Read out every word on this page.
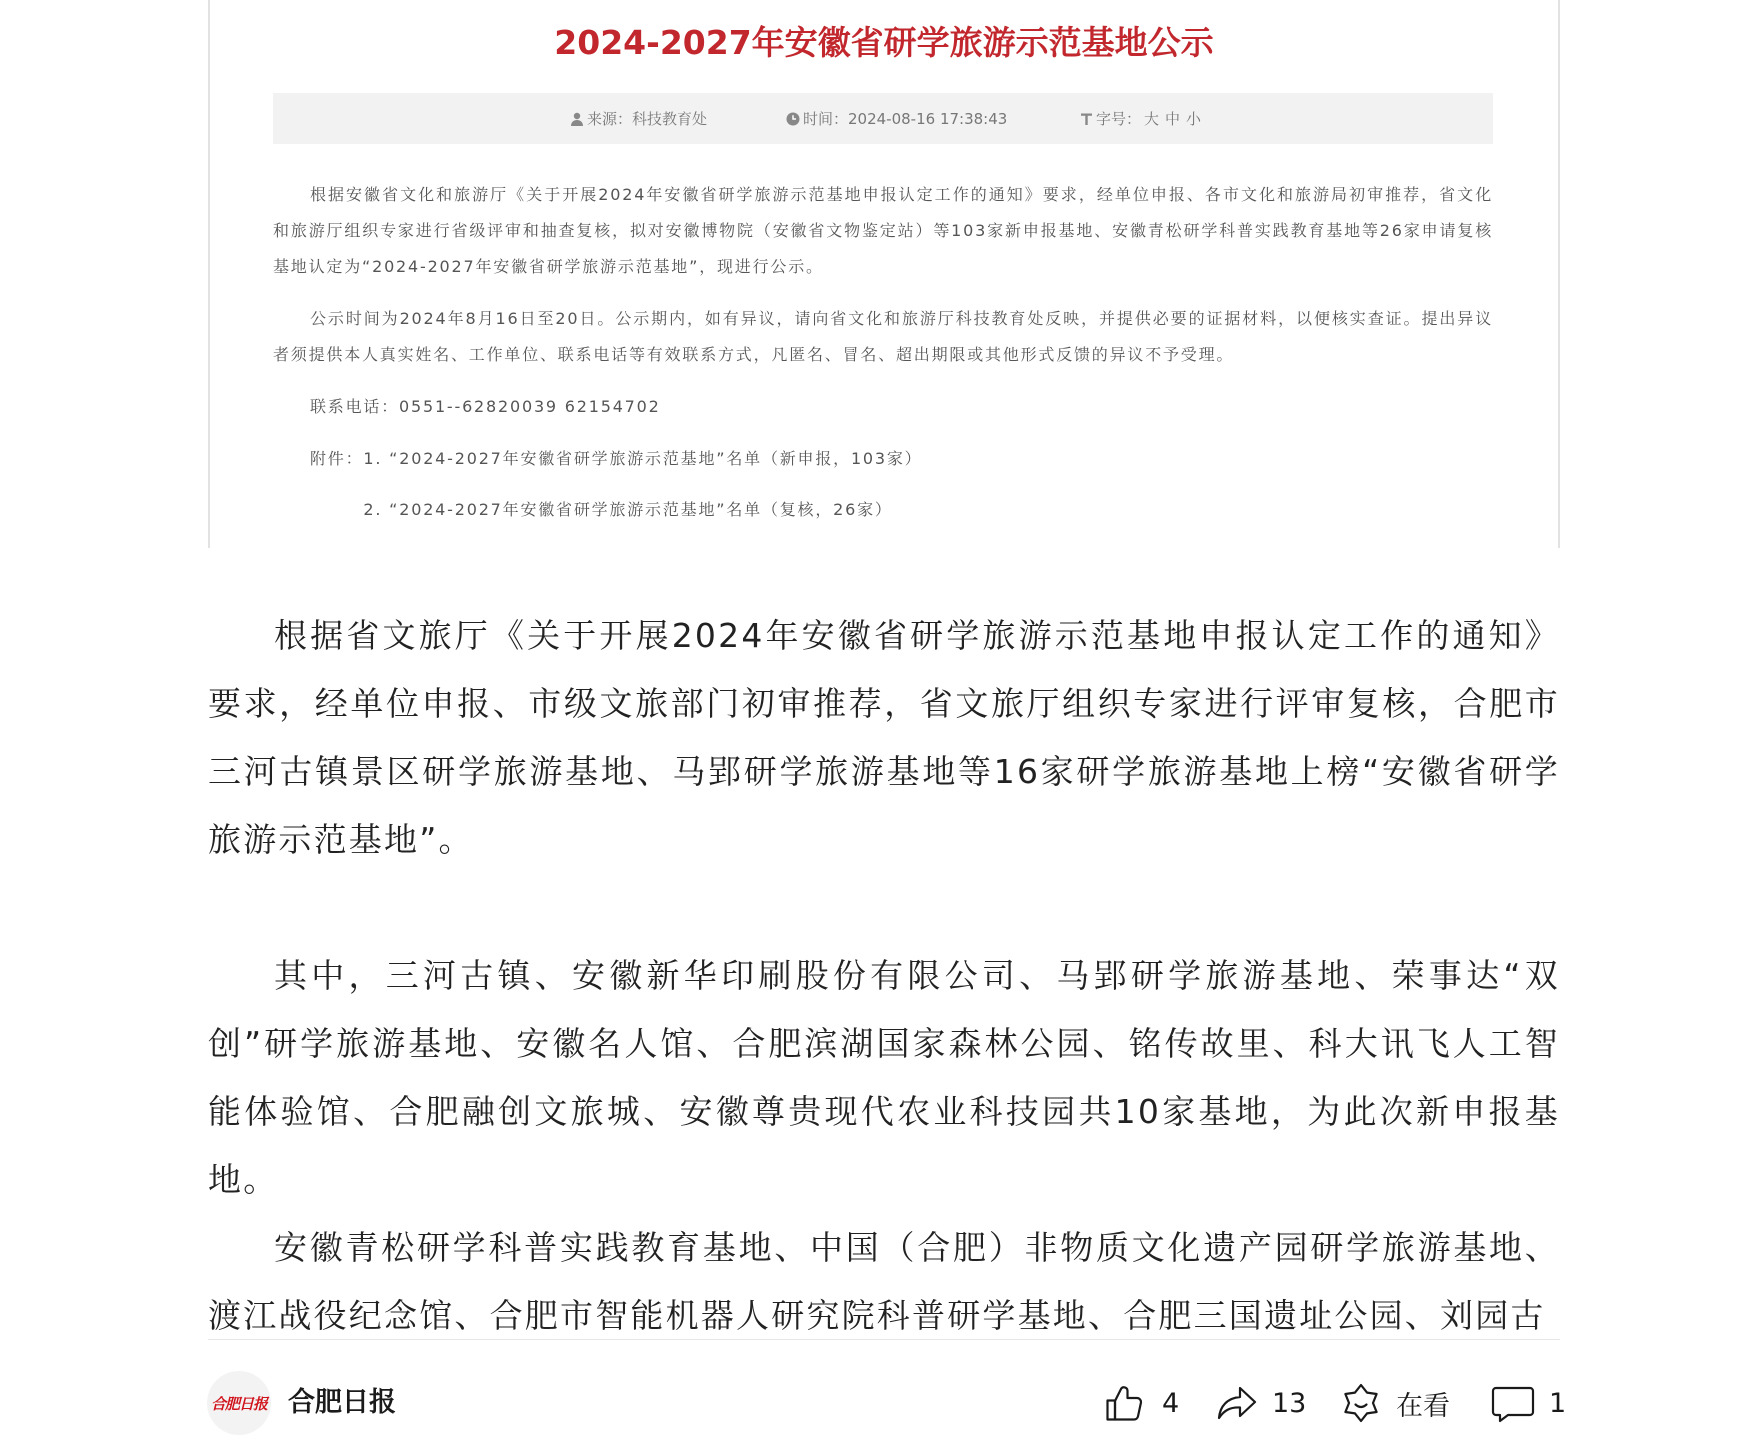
2024-2027年安徽省研学旅游示范基地公示
来源：科技教育处	时间：2024-08-16 17:38:43	字号： 大 中 小

根据安徽省文化和旅游厅《关于开展2024年安徽省研学旅游示范基地申报认定工作的通知》要求，经单位申报、各市文化和旅游局初审推荐，省文化和旅游厅组织专家进行省级评审和抽查复核，拟对安徽博物院（安徽省文物鉴定站）等103家新申报基地、安徽青松研学科普实践教育基地等26家申请复核基地认定为“2024-2027年安徽省研学旅游示范基地”，现进行公示。

公示时间为2024年8月16日至20日。公示期内，如有异议，请向省文化和旅游厅科技教育处反映，并提供必要的证据材料，以便核实查证。提出异议者须提供本人真实姓名、工作单位、联系电话等有效联系方式，凡匿名、冒名、超出期限或其他形式反馈的异议不予受理。

联系电话：0551--62820039 62154702
附件： 1. “2024-2027年安徽省研学旅游示范基地”名单（新申报，103家）
2. “2024-2027年安徽省研学旅游示范基地”名单（复核，26家）

根据省文旅厅《关于开展2024年安徽省研学旅游示范基地申报认定工作的通知》要求，经单位申报、市级文旅部门初审推荐，省文旅厅组织专家进行评审复核，合肥市三河古镇景区研学旅游基地、马郢研学旅游基地等16家研学旅游基地上榜“安徽省研学旅游示范基地”。

其中，三河古镇、安徽新华印刷股份有限公司、马郢研学旅游基地、荣事达“双创”研学旅游基地、安徽名人馆、合肥滨湖国家森林公园、铭传故里、科大讯飞人工智能体验馆、合肥融创文旅城、安徽尊贵现代农业科技园共10家基地，为此次新申报基地。

安徽青松研学科普实践教育基地、中国（合肥）非物质文化遗产园研学旅游基地、渡江战役纪念馆、合肥市智能机器人研究院科普研学基地、合肥三国遗址公园、刘园古

合肥日报 合肥日报	4	13	在看	1
